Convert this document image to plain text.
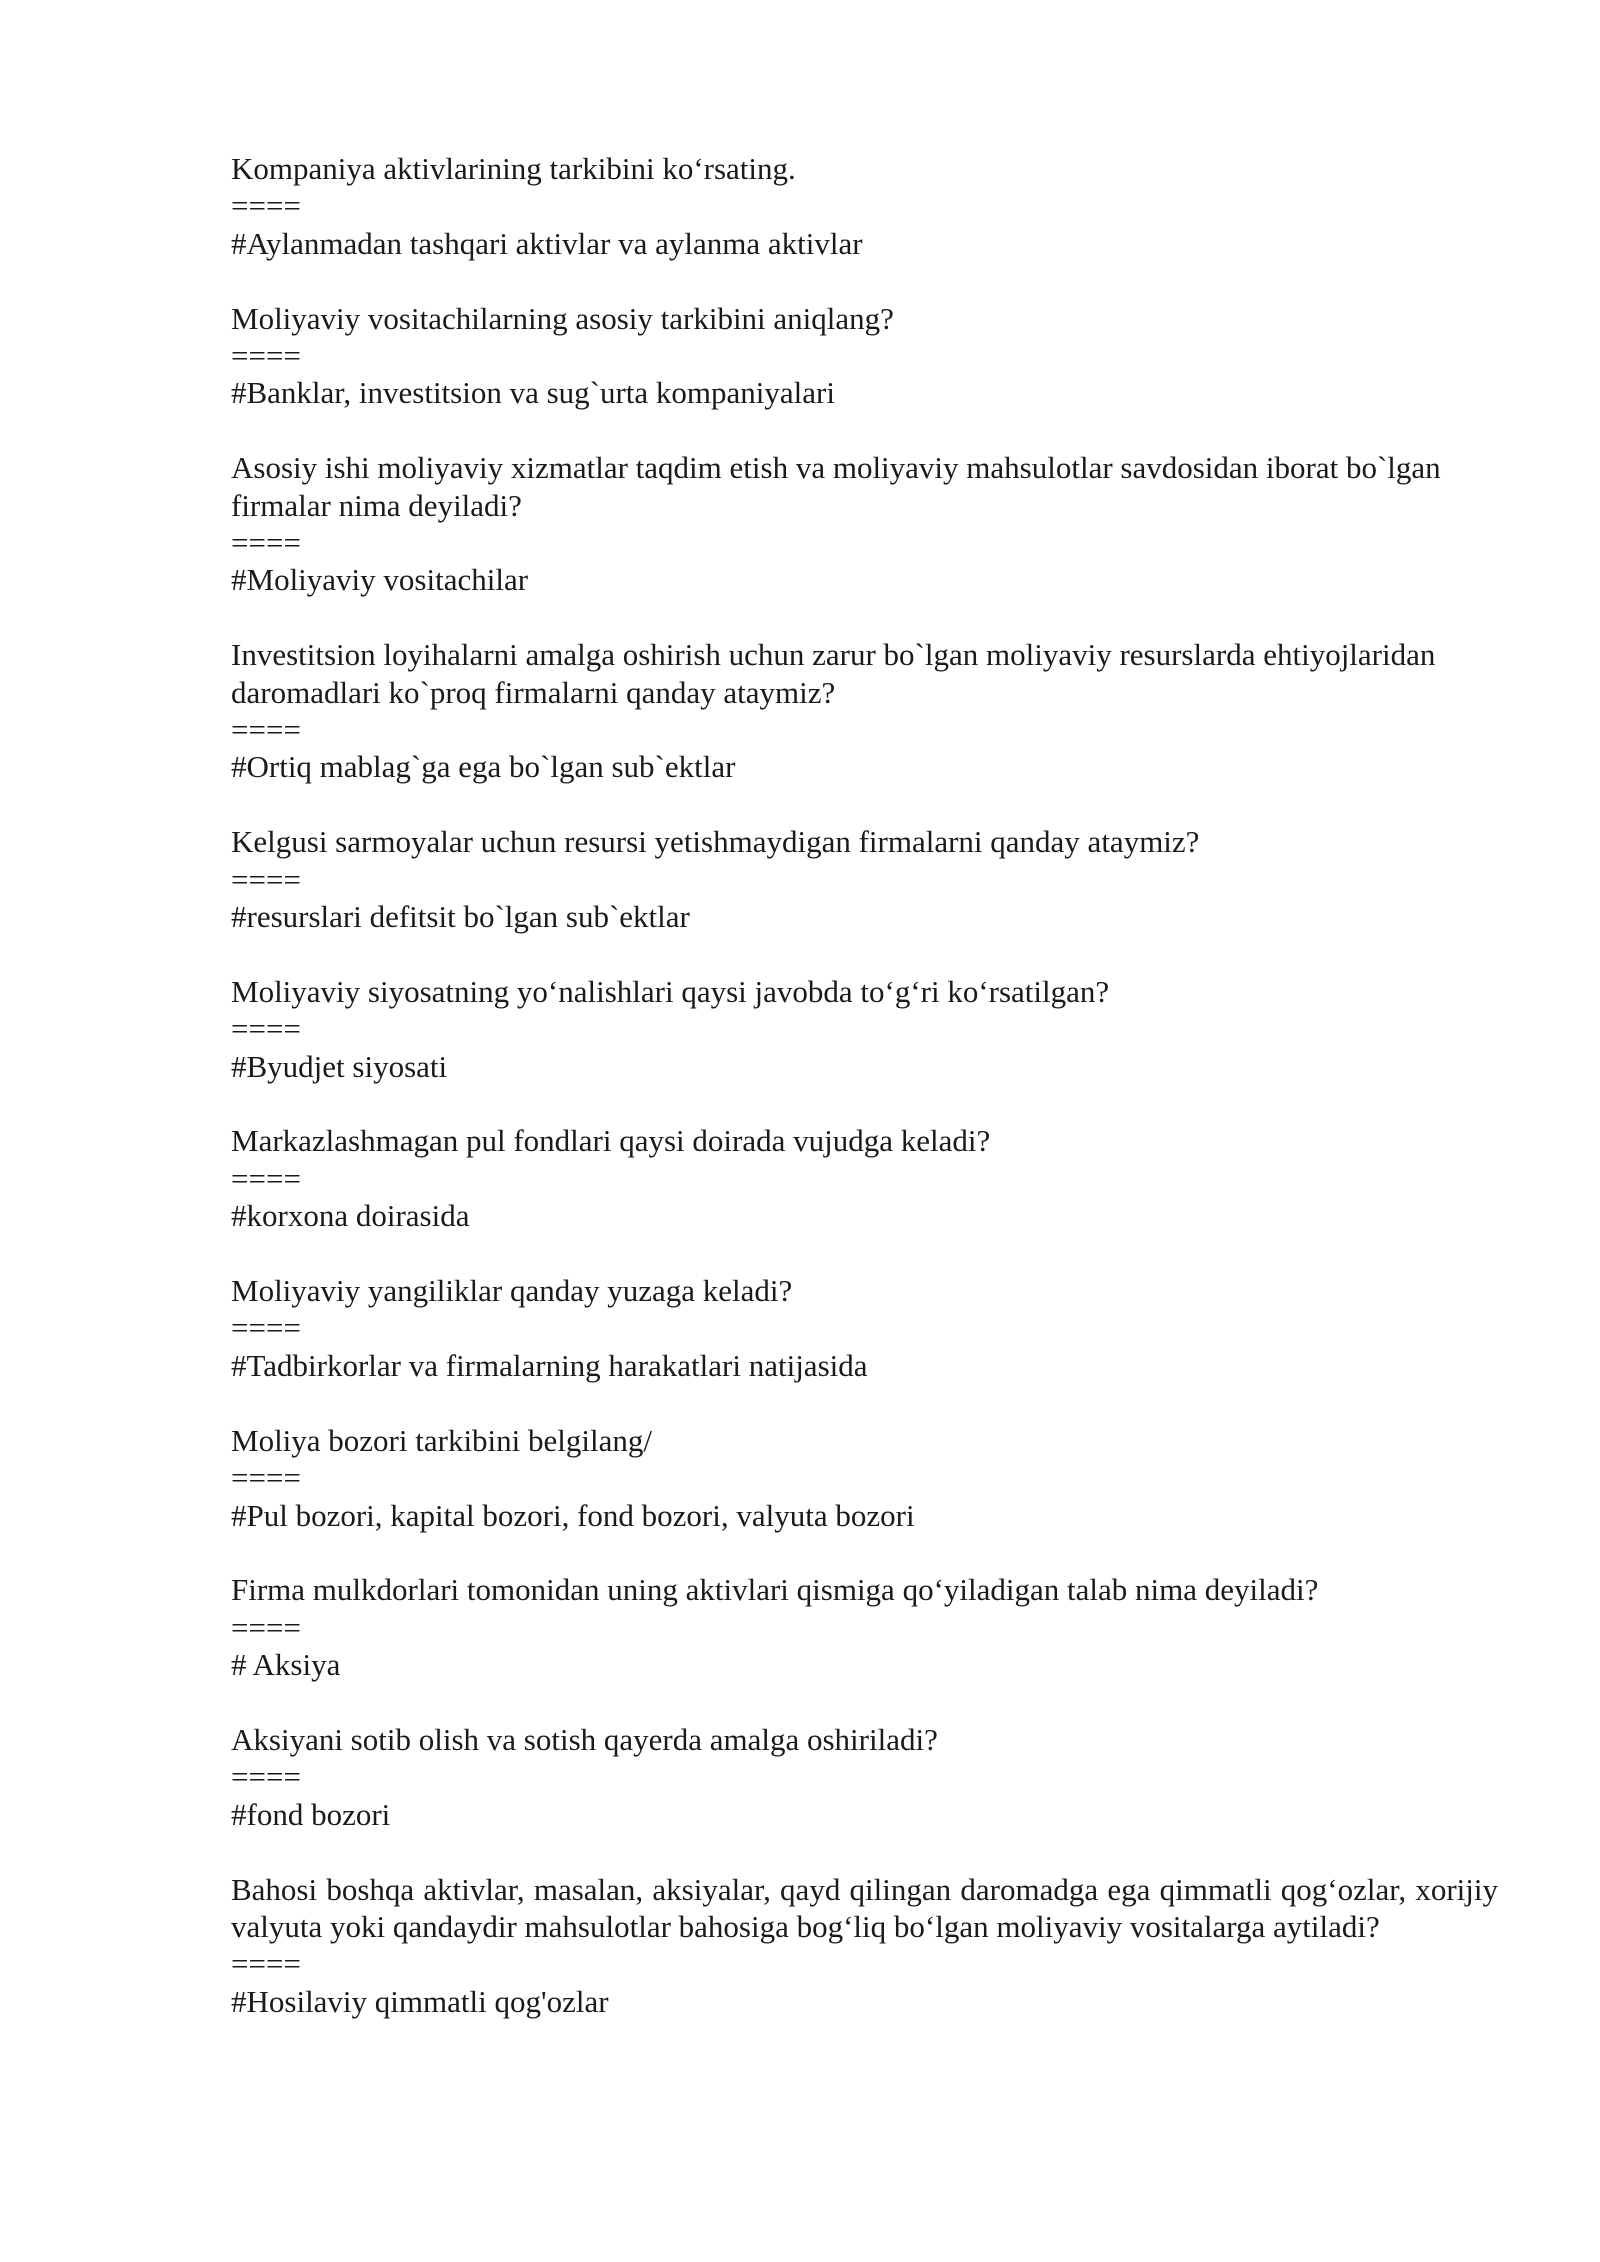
Kompaniya aktivlarining tarkibini ko‘rsating.

====

#Aylanmadan tashqari aktivlar va aylanma aktivlar

Moliyaviy vositachilarning asosiy tarkibini aniqlang?

====

#Banklar, investitsion va sug`urta kompaniyalari

Asosiy ishi moliyaviy xizmatlar taqdim etish va moliyaviy mahsulotlar savdosidan iborat bo`lgan firmalar nima deyiladi?

====

#Moliyaviy vositachilar

Investitsion loyihalarni amalga oshirish uchun zarur bo`lgan moliyaviy resurslarda ehtiyojlaridan daromadlari ko`proq firmalarni qanday ataymiz?

====

#Ortiq mablag`ga ega bo`lgan sub`ektlar

Kelgusi sarmoyalar uchun resursi yetishmaydigan firmalarni qanday ataymiz?

====

#resurslari defitsit bo`lgan sub`ektlar

Moliyaviy siyosatning yo‘nalishlari qaysi javobda to‘g‘ri ko‘rsatilgan?

====

#Byudjet siyosati

Markazlashmagan pul fondlari qaysi doirada vujudga keladi?

====

#korxona doirasida

Moliyaviy yangiliklar qanday yuzaga keladi?

====

#Tadbirkorlar va firmalarning harakatlari natijasida

Moliya bozori tarkibini belgilang/

====

#Pul bozori, kapital bozori, fond bozori, valyuta bozori

Firma mulkdorlari tomonidan uning aktivlari qismiga qo‘yiladigan talab nima deyiladi?

====

# Aksiya

Aksiyani sotib olish va sotish qayerda amalga oshiriladi?

====

#fond bozori

Bahosi boshqa aktivlar, masalan, aksiyalar, qayd qilingan daromadga ega qimmatli qog‘ozlar, xorijiy valyuta yoki qandaydir mahsulotlar bahosiga bog‘liq bo‘lgan moliyaviy vositalarga aytiladi?

====

#Hosilaviy qimmatli qog'ozlar
